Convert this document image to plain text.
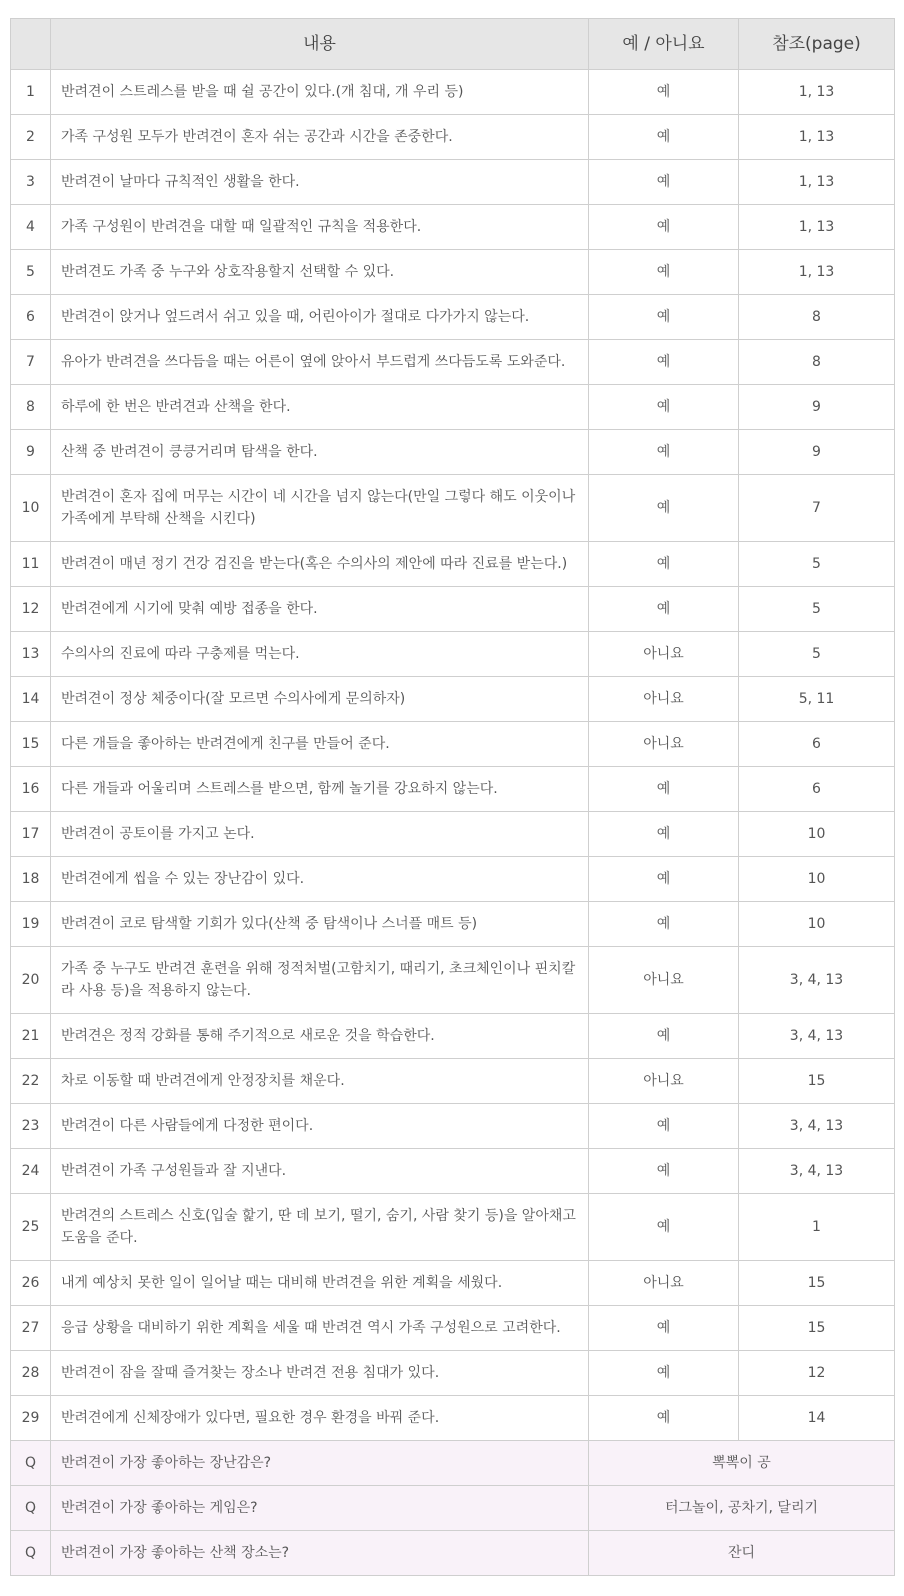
	내용	예 / 아니요	참조(page)
1	반려견이 스트레스를 받을 때 쉴 공간이 있다.(개 침대, 개 우리 등)	예	1, 13
2	가족 구성원 모두가 반려견이 혼자 쉬는 공간과 시간을 존중한다.	예	1, 13
3	반려견이 날마다 규칙적인 생활을 한다.	예	1, 13
4	가족 구성원이 반려견을 대할 때 일괄적인 규칙을 적용한다.	예	1, 13
5	반려견도 가족 중 누구와 상호작용할지 선택할 수 있다.	예	1, 13
6	반려견이 앉거나 엎드려서 쉬고 있을 때, 어린아이가 절대로 다가가지 않는다.	예	8
7	유아가 반려견을 쓰다듬을 때는 어른이 옆에 앉아서 부드럽게 쓰다듬도록 도와준다.	예	8
8	하루에 한 번은 반려견과 산책을 한다.	예	9
9	산책 중 반려견이 킁킁거리며 탐색을 한다.	예	9
10	반려견이 혼자 집에 머무는 시간이 네 시간을 넘지 않는다(만일 그렇다 해도 이웃이나 가족에게 부탁해 산책을 시킨다)	예	7
11	반려견이 매년 정기 건강 검진을 받는다(혹은 수의사의 제안에 따라 진료를 받는다.)	예	5
12	반려견에게 시기에 맞춰 예방 접종을 한다.	예	5
13	수의사의 진료에 따라 구충제를 먹는다.	아니요	5
14	반려견이 정상 체중이다(잘 모르면 수의사에게 문의하자)	아니요	5, 11
15	다른 개들을 좋아하는 반려견에게 친구를 만들어 준다.	아니요	6
16	다른 개들과 어울리며 스트레스를 받으면, 함께 놀기를 강요하지 않는다.	예	6
17	반려견이 공토이를 가지고 논다.	예	10
18	반려견에게 씹을 수 있는 장난감이 있다.	예	10
19	반려견이 코로 탐색할 기회가 있다(산책 중 탐색이나 스너플 매트 등)	예	10
20	가족 중 누구도 반려견 훈련을 위해 정적처벌(고함치기, 때리기, 초크체인이나 핀치칼라 사용 등)을 적용하지 않는다.	아니요	3, 4, 13
21	반려견은 정적 강화를 통해 주기적으로 새로운 것을 학습한다.	예	3, 4, 13
22	차로 이동할 때 반려견에게 안정장치를 채운다.	아니요	15
23	반려견이 다른 사람들에게 다정한 편이다.	예	3, 4, 13
24	반려견이 가족 구성원들과 잘 지낸다.	예	3, 4, 13
25	반려견의 스트레스 신호(입술 핥기, 딴 데 보기, 떨기, 숨기, 사람 찾기 등)을 알아채고 도움을 준다.	예	1
26	내게 예상치 못한 일이 일어날 때는 대비해 반려견을 위한 계획을 세웠다.	아니요	15
27	응급 상황을 대비하기 위한 계획을 세울 때 반려견 역시 가족 구성원으로 고려한다.	예	15
28	반려견이 잠을 잘때 즐겨찾는 장소나 반려견 전용 침대가 있다.	예	12
29	반려견에게 신체장애가 있다면, 필요한 경우 환경을 바꿔 준다.	예	14
Q	반려견이 가장 좋아하는 장난감은?	뽁뽁이 공	
Q	반려견이 가장 좋아하는 게임은?	터그놀이, 공차기, 달리기	
Q	반려견이 가장 좋아하는 산책 장소는?	잔디	
